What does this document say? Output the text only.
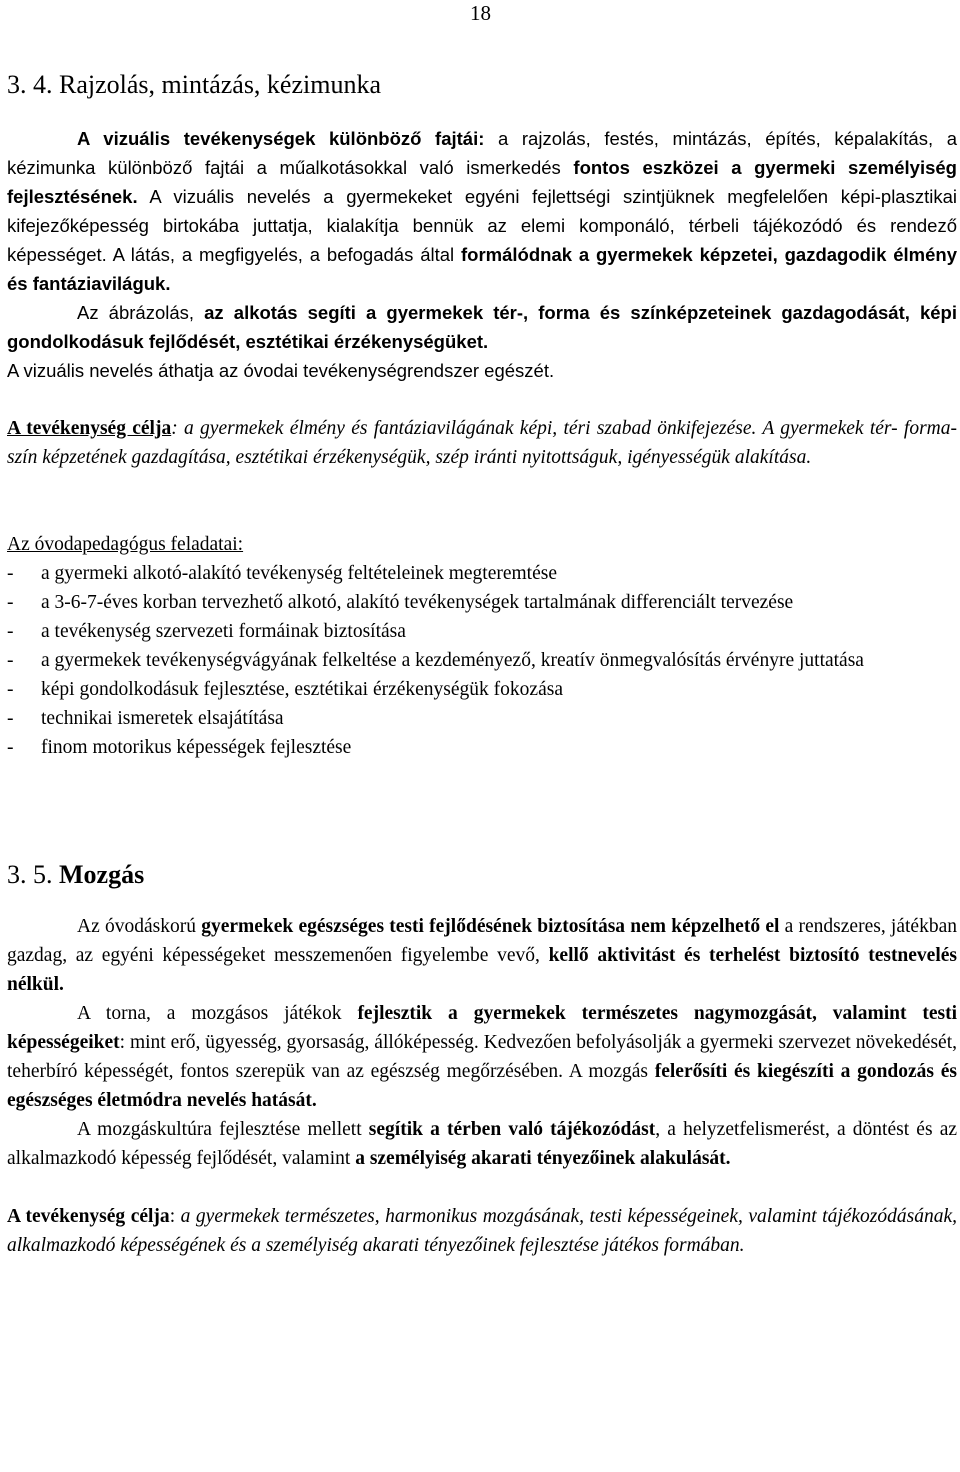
18
3. 4. Rajzolás, mintázás, kézimunka

A vizuális tevékenységek különböző fajtái: a rajzolás, festés, mintázás, építés, képalakítás, a kézimunka különböző fajtái a műalkotásokkal való ismerkedés fontos eszközei a gyermeki személyiség fejlesztésének. A vizuális nevelés a gyermekeket egyéni fejlettségi szintjüknek megfelelően képi-plasztikai kifejezőképesség birtokába juttatja, kialakítja bennük az elemi komponáló, térbeli tájékozódó és rendező képességet. A látás, a megfigyelés, a befogadás által formálódnak a gyermekek képzetei, gazdagodik élmény és fantáziaviláguk.

Az ábrázolás, az alkotás segíti a gyermekek tér-, forma és színképzeteinek gazdagodását, képi gondolkodásuk fejlődését, esztétikai érzékenységüket.

A vizuális nevelés áthatja az óvodai tevékenységrendszer egészét.

A tevékenység célja: a gyermekek élmény és fantáziavilágának képi, téri szabad önkifejezése. A gyermekek tér- forma- szín képzetének gazdagítása, esztétikai érzékenységük, szép iránti nyitottságuk, igényességük alakítása.

Az óvodapedagógus feladatai:

- a gyermeki alkotó-alakító tevékenység feltételeinek megteremtése
- a 3-6-7-éves korban tervezhető alkotó, alakító tevékenységek tartalmának differenciált tervezése
- a tevékenység szervezeti formáinak biztosítása
- a gyermekek tevékenységvágyának felkeltése a kezdeményező, kreatív önmegvalósítás érvényre juttatása
- képi gondolkodásuk fejlesztése, esztétikai érzékenységük fokozása
- technikai ismeretek elsajátítása
- finom motorikus képességek fejlesztése
3. 5. Mozgás

Az óvodáskorú gyermekek egészséges testi fejlődésének biztosítása nem képzelhető el a rendszeres, játékban gazdag, az egyéni képességeket messzemenően figyelembe vevő, kellő aktivitást és terhelést biztosító testnevelés nélkül.

A torna, a mozgásos játékok fejlesztik a gyermekek természetes nagymozgását, valamint testi képességeiket: mint erő, ügyesség, gyorsaság, állóképesség. Kedvezően befolyásolják a gyermeki szervezet növekedését, teherbíró képességét, fontos szerepük van az egészség megőrzésében. A mozgás felerősíti és kiegészíti a gondozás és egészséges életmódra nevelés hatását.

A mozgáskultúra fejlesztése mellett segítik a térben való tájékozódást, a helyzetfelismerést, a döntést és az alkalmazkodó képesség fejlődését, valamint a személyiség akarati tényezőinek alakulását.

A tevékenység célja: a gyermekek természetes, harmonikus mozgásának, testi képességeinek, valamint tájékozódásának, alkalmazkodó képességének és a személyiség akarati tényezőinek fejlesztése játékos formában.
